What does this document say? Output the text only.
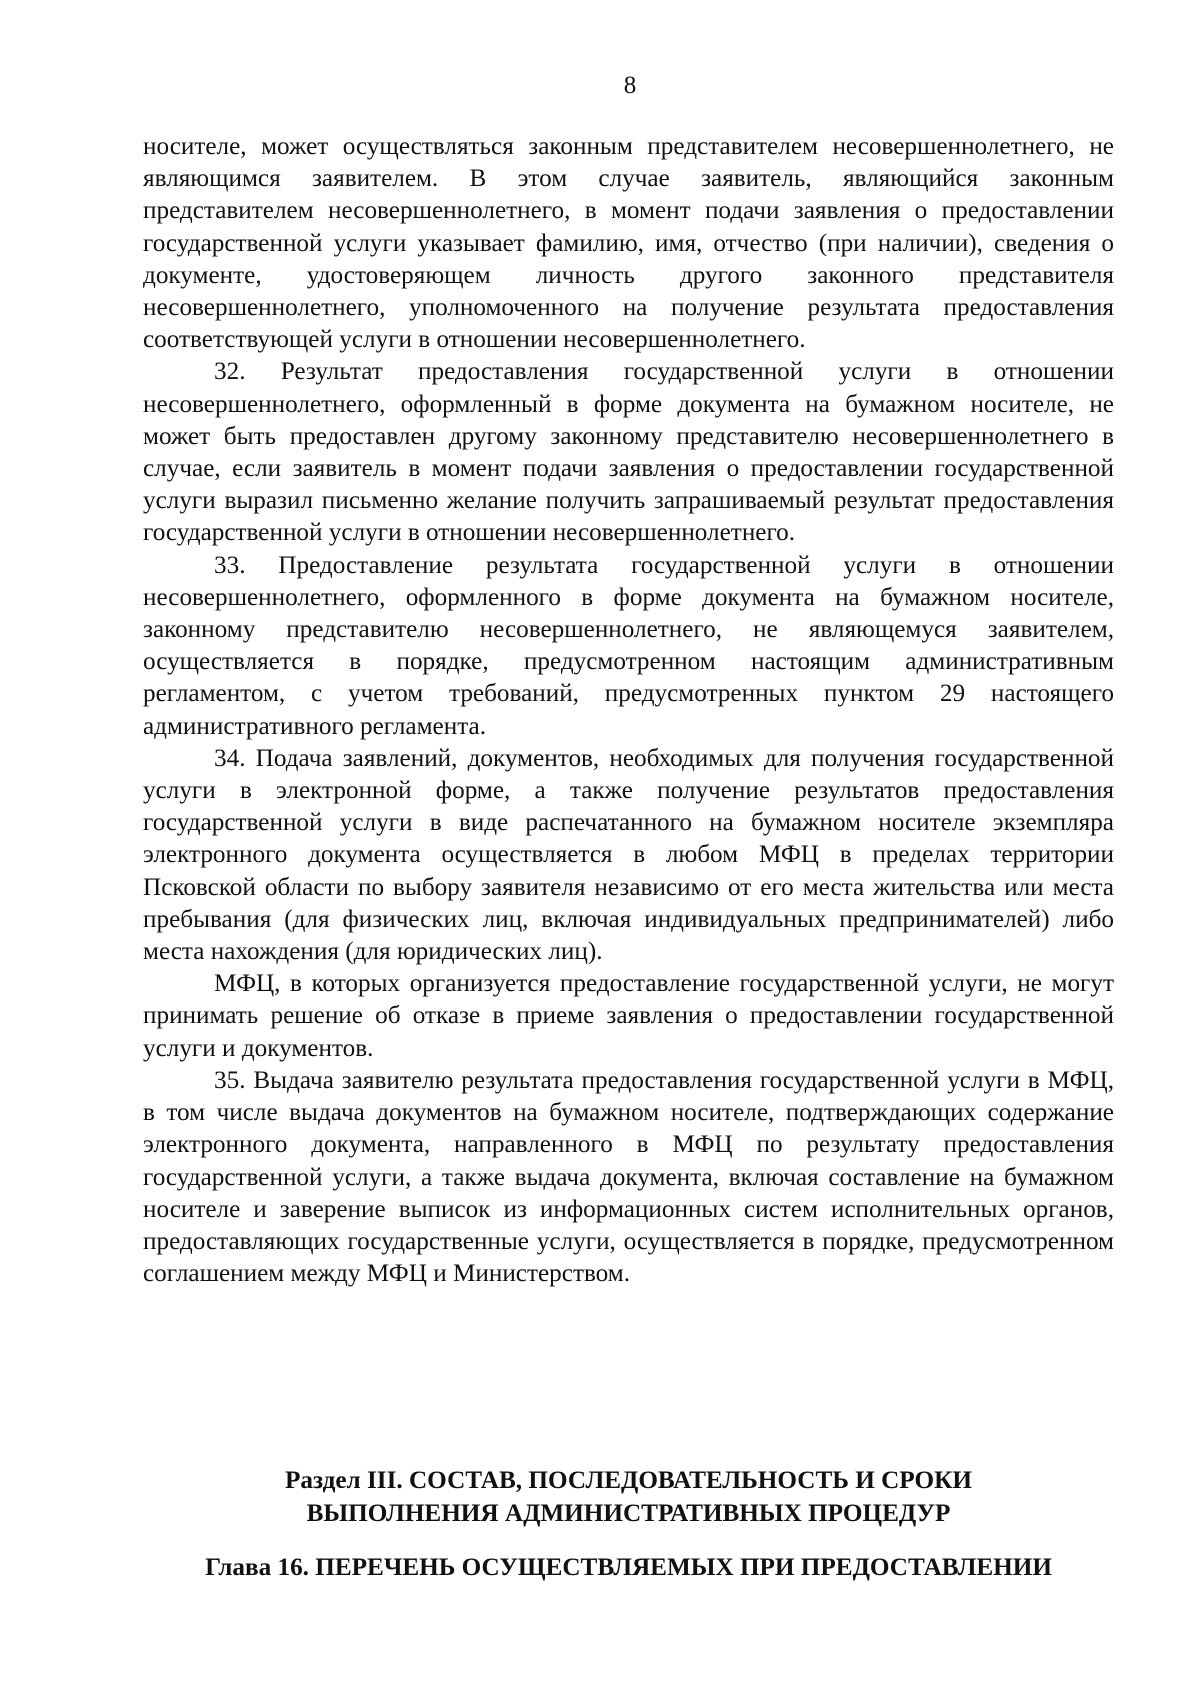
8

носителе, может осуществляться законным представителем несовершеннолетнего, не являющимся заявителем. В этом случае заявитель, являющийся законным представителем несовершеннолетнего, в момент подачи заявления о предоставлении государственной услуги указывает фамилию, имя, отчество (при наличии), сведения о документе, удостоверяющем личность другого законного представителя несовершеннолетнего, уполномоченного на получение результата предоставления соответствующей услуги в отношении несовершеннолетнего.

32. Результат предоставления государственной услуги в отношении несовершеннолетнего, оформленный в форме документа на бумажном носителе, не может быть предоставлен другому законному представителю несовершеннолетнего в случае, если заявитель в момент подачи заявления о предоставлении государственной услуги выразил письменно желание получить запрашиваемый результат предоставления государственной услуги в отношении несовершеннолетнего.

33. Предоставление результата государственной услуги в отношении несовершеннолетнего, оформленного в форме документа на бумажном носителе, законному представителю несовершеннолетнего, не являющемуся заявителем, осуществляется в порядке, предусмотренном настоящим административным регламентом, с учетом требований, предусмотренных пунктом 29 настоящего административного регламента.

34. Подача заявлений, документов, необходимых для получения государственной услуги в электронной форме, а также получение результатов предоставления государственной услуги в виде распечатанного на бумажном носителе экземпляра электронного документа осуществляется в любом МФЦ в пределах территории Псковской области по выбору заявителя независимо от его места жительства или места пребывания (для физических лиц, включая индивидуальных предпринимателей) либо места нахождения (для юридических лиц).

МФЦ, в которых организуется предоставление государственной услуги, не могут принимать решение об отказе в приеме заявления о предоставлении государственной услуги и документов.

35. Выдача заявителю результата предоставления государственной услуги в МФЦ, в том числе выдача документов на бумажном носителе, подтверждающих содержание электронного документа, направленного в МФЦ по результату предоставления государственной услуги, а также выдача документа, включая составление на бумажном носителе и заверение выписок из информационных систем исполнительных органов, предоставляющих государственные услуги, осуществляется в порядке, предусмотренном соглашением между МФЦ и Министерством.

Раздел III. СОСТАВ, ПОСЛЕДОВАТЕЛЬНОСТЬ И СРОКИ
ВЫПОЛНЕНИЯ АДМИНИСТРАТИВНЫХ ПРОЦЕДУР
Глава 16. ПЕРЕЧЕНЬ ОСУЩЕСТВЛЯЕМЫХ ПРИ ПРЕДОСТАВЛЕНИИ
